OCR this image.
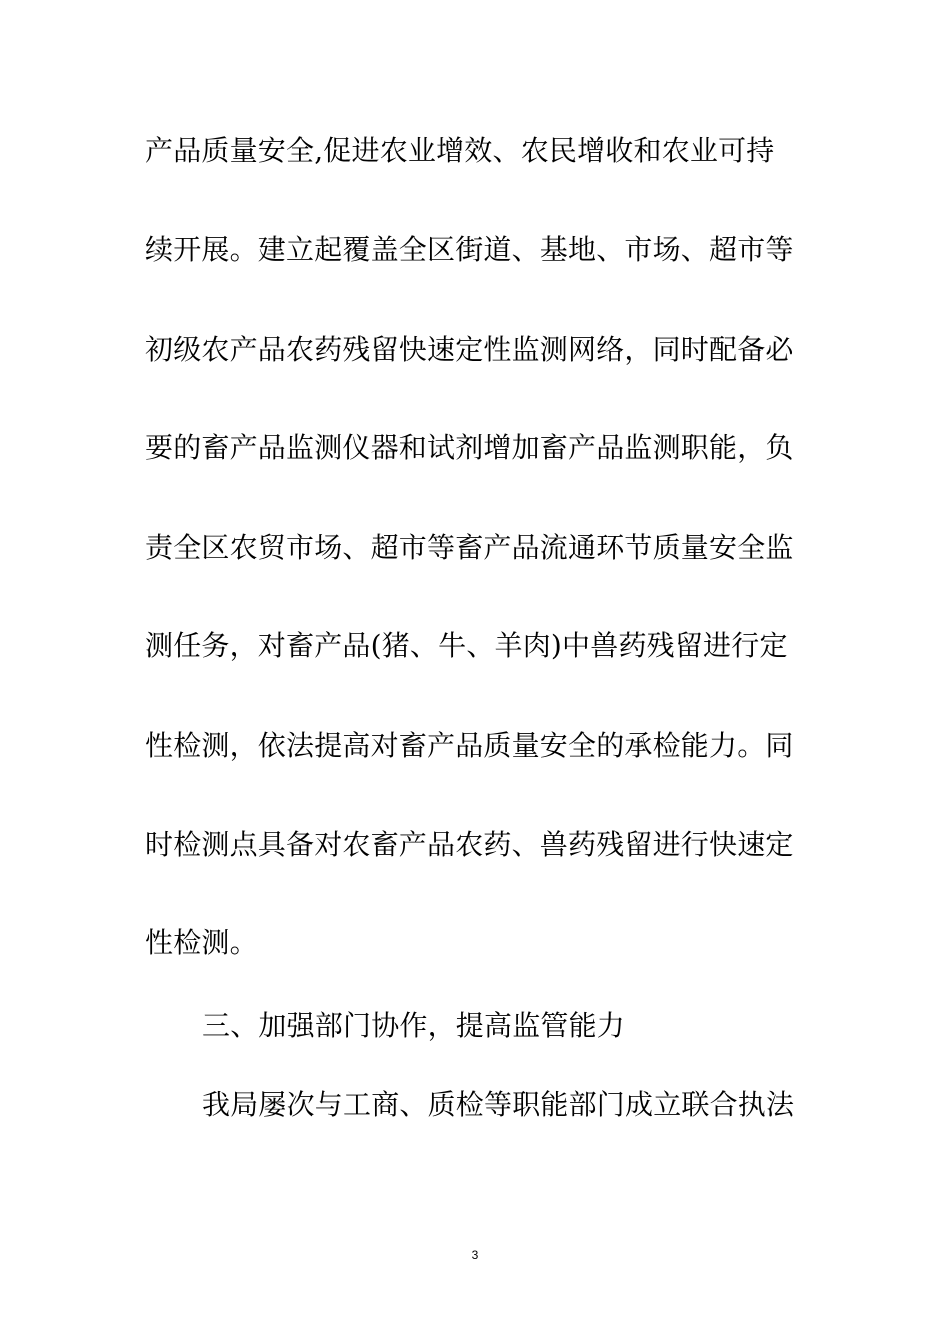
产品质量安全,促进农业增效、农民增收和农业可持
续开展。建立起覆盖全区街道、基地、市场、超市等
初级农产品农药残留快速定性监测网络，同时配备必
要的畜产品监测仪器和试剂增加畜产品监测职能，负
责全区农贸市场、超市等畜产品流通环节质量安全监
测任务，对畜产品(猪、牛、羊肉)中兽药残留进行定
性检测，依法提高对畜产品质量安全的承检能力。同
时检测点具备对农畜产品农药、兽药残留进行快速定
性检测。
三、加强部门协作，提高监管能力
我局屡次与工商、质检等职能部门成立联合执法
3
